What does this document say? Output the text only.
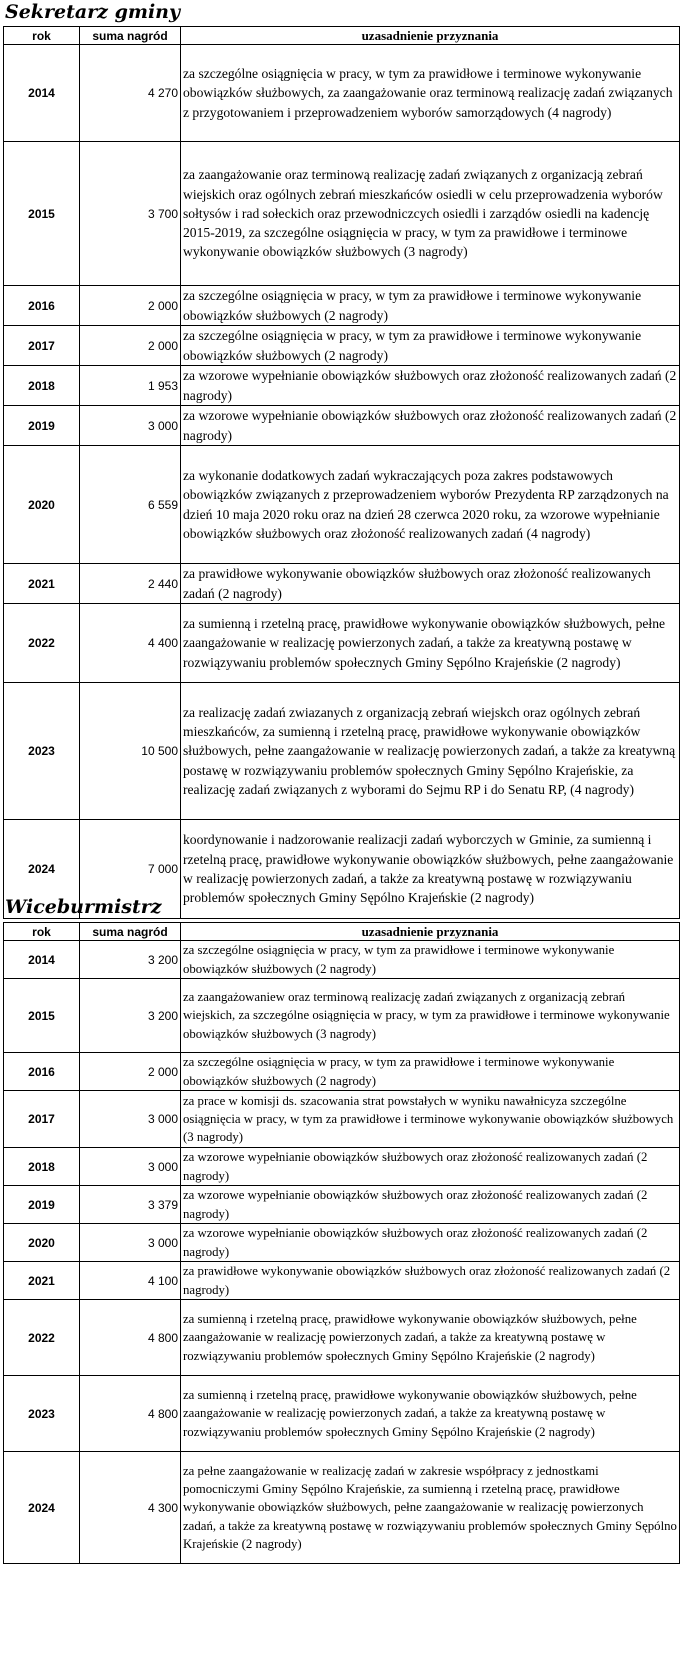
Sekretarz gminy
rok	suma nagród	uzasadnienie przyznania
2014	4 270	za szczególne osiągnięcia w pracy, w tym za prawidłowe i terminowe wykonywanie obowiązków służbowych, za zaangażowanie oraz terminową realizację zadań związanych z przygotowaniem i przeprowadzeniem wyborów samorządowych (4 nagrody)
2015	3 700	za zaangażowanie oraz terminową realizację zadań związanych z organizacją zebrań wiejskich oraz ogólnych zebrań mieszkańców osiedli w celu przeprowadzenia wyborów sołtysów i rad sołeckich oraz przewodniczcych osiedli i zarządów osiedli na kadencję 2015-2019, za szczególne osiągnięcia w pracy, w tym za prawidłowe i terminowe wykonywanie obowiązków służbowych (3 nagrody)
2016	2 000	za szczególne osiągnięcia w pracy, w tym za prawidłowe i terminowe wykonywanie obowiązków służbowych (2 nagrody)
2017	2 000	za szczególne osiągnięcia w pracy, w tym za prawidłowe i terminowe wykonywanie obowiązków służbowych (2 nagrody)
2018	1 953	za wzorowe wypełnianie obowiązków służbowych oraz złożoność realizowanych zadań (2 nagrody)
2019	3 000	za wzorowe wypełnianie obowiązków służbowych oraz złożoność realizowanych zadań (2 nagrody)
2020	6 559	za wykonanie dodatkowych zadań wykraczających poza zakres podstawowych obowiązków związanych z przeprowadzeniem wyborów Prezydenta RP zarządzonych na dzień 10 maja 2020 roku oraz na dzień 28 czerwca 2020 roku, za wzorowe wypełnianie obowiązków służbowych oraz złożoność realizowanych zadań (4 nagrody)
2021	2 440	za prawidłowe wykonywanie obowiązków służbowych oraz złożoność realizowanych zadań (2 nagrody)
2022	4 400	za sumienną i rzetelną pracę, prawidłowe wykonywanie obowiązków służbowych, pełne zaangażowanie w realizację powierzonych zadań, a także za kreatywną postawę w rozwiązywaniu problemów społecznych Gminy Sępólno Krajeńskie (2 nagrody)
2023	10 500	za realizację zadań zwiazanych z organizacją zebrań wiejskch oraz ogólnych zebrań mieszkańców, za sumienną i rzetelną pracę, prawidłowe wykonywanie obowiązków służbowych, pełne zaangażowanie w realizację powierzonych zadań, a także za kreatywną postawę w rozwiązywaniu problemów społecznych Gminy Sępólno Krajeńskie, za realizację zadań związanych z wyborami do Sejmu RP i do Senatu RP, (4 nagrody)
2024	7 000	koordynowanie i nadzorowanie realizacji zadań wyborczych w Gminie, za sumienną i rzetelną pracę, prawidłowe wykonywanie obowiązków służbowych, pełne zaangażowanie w realizację powierzonych zadań, a także za kreatywną postawę w rozwiązywaniu problemów społecznych Gminy Sępólno Krajeńskie (2 nagrody)
Wiceburmistrz
rok	suma nagród	uzasadnienie przyznania
2014	3 200	za szczególne osiągnięcia w pracy, w tym za prawidłowe i terminowe wykonywanie obowiązków służbowych (2 nagrody)
2015	3 200	za zaangażowaniew oraz terminową realizację zadań związanych z organizacją zebrań wiejskich, za szczególne osiągnięcia w pracy, w tym za prawidłowe i terminowe wykonywanie obowiązków służbowych (3 nagrody)
2016	2 000	za szczególne osiągnięcia w pracy, w tym za prawidłowe i terminowe wykonywanie obowiązków służbowych (2 nagrody)
2017	3 000	za prace w komisji ds. szacowania strat powstałych w wyniku nawałnicyza szczególne osiągnięcia w pracy, w tym za prawidłowe i terminowe wykonywanie obowiązków służbowych (3 nagrody)
2018	3 000	za wzorowe wypełnianie obowiązków służbowych oraz złożoność realizowanych zadań (2 nagrody)
2019	3 379	za wzorowe wypełnianie obowiązków służbowych oraz złożoność realizowanych zadań (2 nagrody)
2020	3 000	za wzorowe wypełnianie obowiązków służbowych oraz złożoność realizowanych zadań (2 nagrody)
2021	4 100	za prawidłowe wykonywanie obowiązków służbowych oraz złożoność realizowanych zadań (2 nagrody)
2022	4 800	za sumienną i rzetelną pracę, prawidłowe wykonywanie obowiązków służbowych, pełne zaangażowanie w realizację powierzonych zadań, a także za kreatywną postawę w rozwiązywaniu problemów społecznych Gminy Sępólno Krajeńskie (2 nagrody)
2023	4 800	za sumienną i rzetelną pracę, prawidłowe wykonywanie obowiązków służbowych, pełne zaangażowanie w realizację powierzonych zadań, a także za kreatywną postawę w rozwiązywaniu problemów społecznych Gminy Sępólno Krajeńskie (2 nagrody)
2024	4 300	za pełne zaangażowanie w realizację zadań w zakresie współpracy z jednostkami pomocniczymi Gminy Sępólno Krajeńskie, za sumienną i rzetelną pracę, prawidłowe wykonywanie obowiązków służbowych, pełne zaangażowanie w realizację powierzonych zadań, a także za kreatywną postawę w rozwiązywaniu problemów społecznych Gminy Sępólno Krajeńskie (2 nagrody)
